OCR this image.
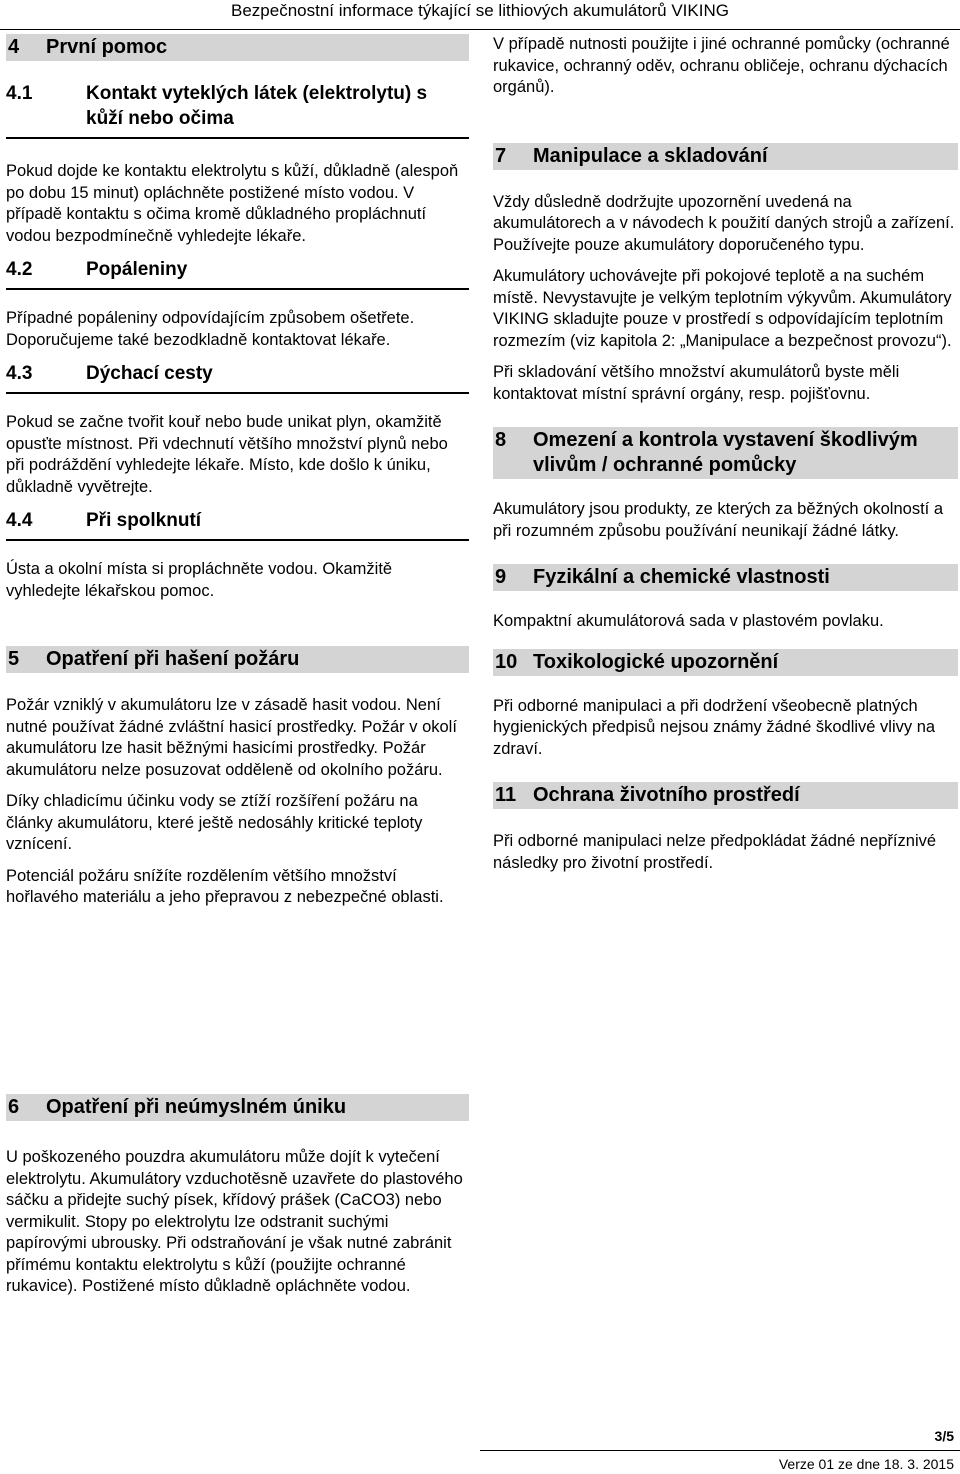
Bezpečnostní informace týkající se lithiových akumulátorů VIKING
4 První pomoc
4.1	Kontakt vyteklých látek (elektrolytu) s kůží nebo očima

Pokud dojde ke kontaktu elektrolytu s kůží, důkladně (alespoň po dobu 15 minut) opláchněte postižené místo vodou. V případě kontaktu s očima kromě důkladného propláchnutí vodou bezpodmínečně vyhledejte lékaře.

4.2	Popáleniny

Případné popáleniny odpovídajícím způsobem ošetřete. Doporučujeme také bezodkladně kontaktovat lékaře.

4.3	Dýchací cesty

Pokud se začne tvořit kouř nebo bude unikat plyn, okamžitě opusťte místnost. Při vdechnutí většího množství plynů nebo při podráždění vyhledejte lékaře. Místo, kde došlo k úniku, důkladně vyvětrejte.

4.4	Při spolknutí

Ústa a okolní místa si propláchněte vodou. Okamžitě vyhledejte lékařskou pomoc.

5 Opatření při hašení požáru

Požár vzniklý v akumulátoru lze v zásadě hasit vodou. Není nutné používat žádné zvláštní hasicí prostředky. Požár v okolí akumulátoru lze hasit běžnými hasicími prostředky. Požár akumulátoru nelze posuzovat odděleně od okolního požáru.

Díky chladicímu účinku vody se ztíží rozšíření požáru na články akumulátoru, které ještě nedosáhly kritické teploty vznícení.

Potenciál požáru snížíte rozdělením většího množství hořlavého materiálu a jeho přepravou z nebezpečné oblasti.

6 Opatření při neúmyslném úniku

U poškozeného pouzdra akumulátoru může dojít k vytečení elektrolytu. Akumulátory vzduchotěsně uzavřete do plastového sáčku a přidejte suchý písek, křídový prášek (CaCO3) nebo vermikulit. Stopy po elektrolytu lze odstranit suchými papírovými ubrousky. Při odstraňování je však nutné zabránit přímému kontaktu elektrolytu s kůží (použijte ochranné rukavice). Postižené místo důkladně opláchněte vodou.

V případě nutnosti použijte i jiné ochranné pomůcky (ochranné rukavice, ochranný oděv, ochranu obličeje, ochranu dýchacích orgánů).

7 Manipulace a skladování

Vždy důsledně dodržujte upozornění uvedená na akumulátorech a v návodech k použití daných strojů a zařízení. Používejte pouze akumulátory doporučeného typu.

Akumulátory uchovávejte při pokojové teplotě a na suchém místě. Nevystavujte je velkým teplotním výkyvům. Akumulátory VIKING skladujte pouze v prostředí s odpovídajícím teplotním rozmezím (viz kapitola 2: „Manipulace a bezpečnost provozu“).

Při skladování většího množství akumulátorů byste měli kontaktovat místní správní orgány, resp. pojišťovnu.

8	Omezení a kontrola vystavení škodlivým vlivům / ochranné pomůcky

Akumulátory jsou produkty, ze kterých za běžných okolností a při rozumném způsobu používání neunikají žádné látky.

9 Fyzikální a chemické vlastnosti

Kompaktní akumulátorová sada v plastovém povlaku.

10 Toxikologické upozornění

Při odborné manipulaci a při dodržení všeobecně platných hygienických předpisů nejsou známy žádné škodlivé vlivy na zdraví.

11 Ochrana životního prostředí

Při odborné manipulaci nelze předpokládat žádné nepříznivé následky pro životní prostředí.

3/5
Verze 01 ze dne 18. 3. 2015
